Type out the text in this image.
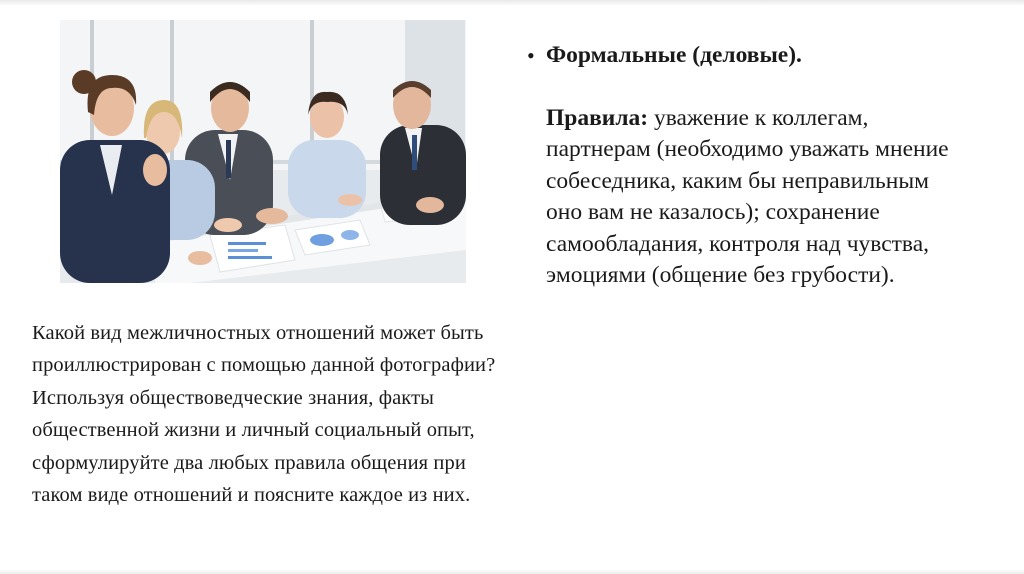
Какой вид межличностных отношений может быть проиллюстрирован с помощью данной фотографии? Используя обществоведческие знания, факты общественной жизни и личный социальный опыт, сформулируйте два любых правила общения при таком виде отношений и поясните каждое из них.
• Формальные (деловые).
Правила: уважение к коллегам, партнерам (необходимо уважать мнение собеседника, каким бы неправильным оно вам не казалось); сохранение самообладания, контроля над чувства, эмоциями (общение без грубости).
